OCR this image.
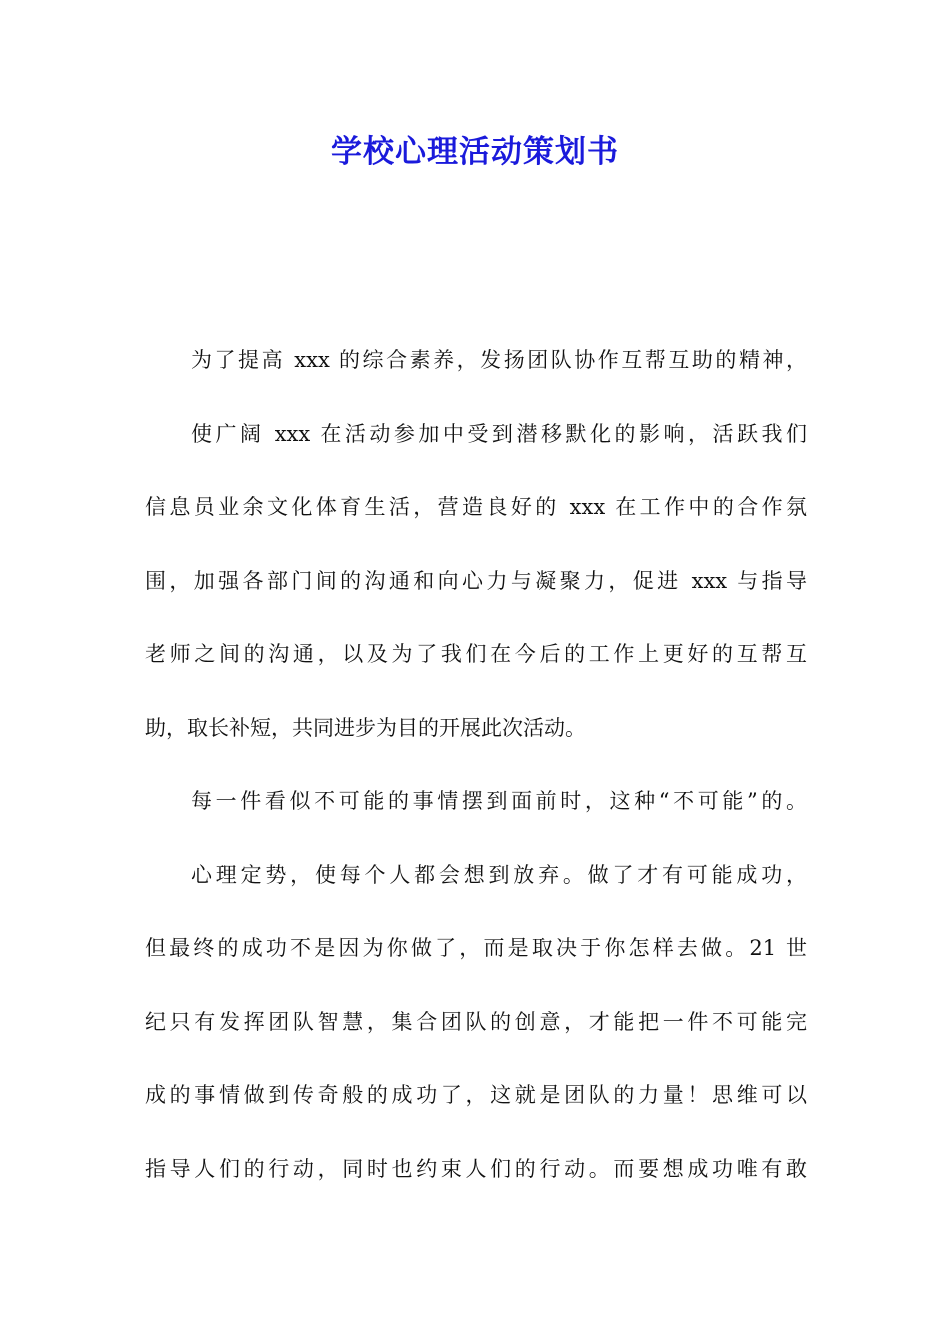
学校心理活动策划书
为了提高 xxx 的综合素养，发扬团队协作互帮互助的精神，
使广阔 xxx 在活动参加中受到潜移默化的影响，活跃我们
信息员业余文化体育生活，营造良好的 xxx 在工作中的合作氛
围，加强各部门间的沟通和向心力与凝聚力，促进 xxx 与指导
老师之间的沟通，以及为了我们在今后的工作上更好的互帮互
助，取长补短，共同进步为目的开展此次活动。
每一件看似不可能的事情摆到面前时，这种“不可能”的。
心理定势，使每个人都会想到放弃。做了才有可能成功，
但最终的成功不是因为你做了，而是取决于你怎样去做。21 世
纪只有发挥团队智慧，集合团队的创意，才能把一件不可能完
成的事情做到传奇般的成功了，这就是团队的力量！思维可以
指导人们的行动，同时也约束人们的行动。而要想成功唯有敢
